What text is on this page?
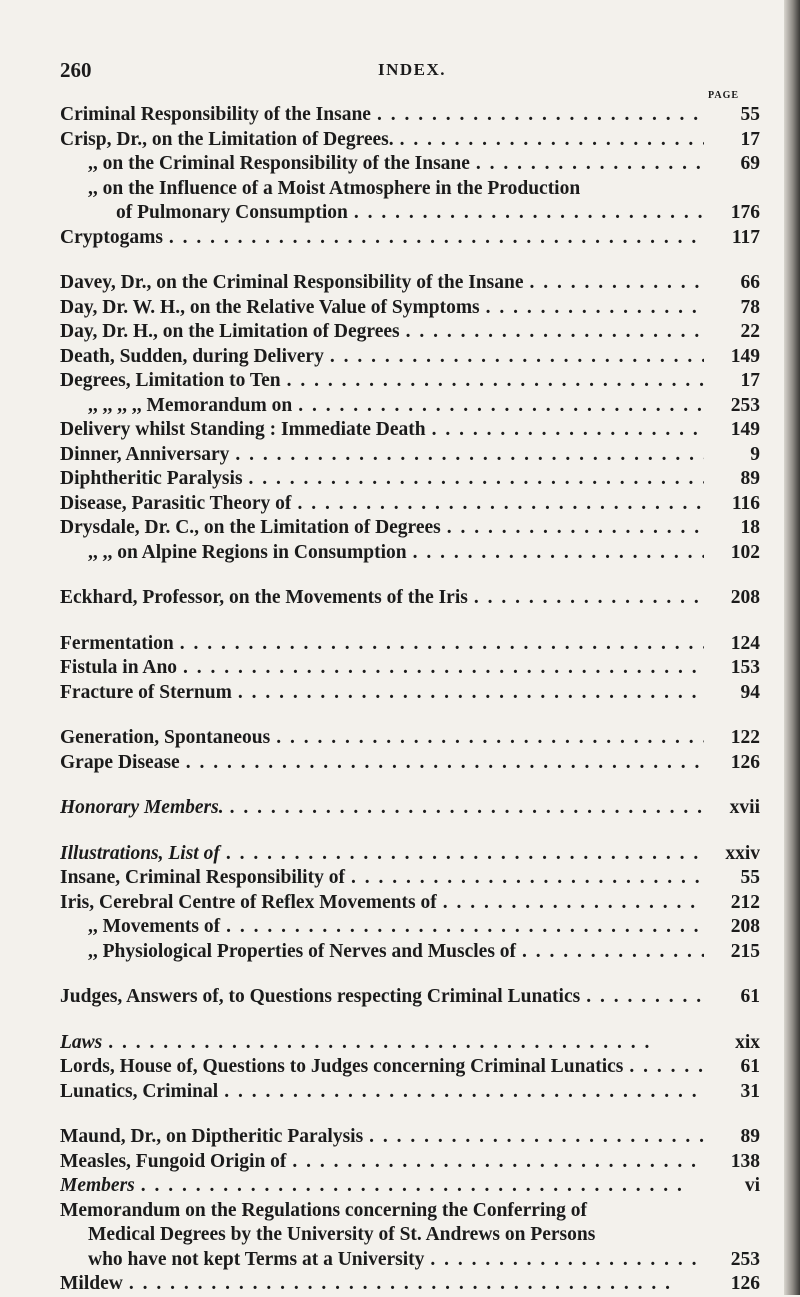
260	INDEX.
PAGE
Criminal Responsibility of the Insane . . .	55
Crisp, Dr., on the Limitation of Degrees. . . .	17
,, on the Criminal Responsibility of the Insane . . .	69
,, on the Influence of a Moist Atmosphere in the Production
of Pulmonary Consumption . . .	176
Cryptogams . . .	117
Davey, Dr., on the Criminal Responsibility of the Insane . . .	66
Day, Dr. W. H., on the Relative Value of Symptoms . . .	78
Day, Dr. H., on the Limitation of Degrees . . .	22
Death, Sudden, during Delivery . . .	149
Degrees, Limitation to Ten . . .	17
,, ,, ,, ,, Memorandum on . . .	253
Delivery whilst Standing : Immediate Death . . .	149
Dinner, Anniversary . . .	9
Diphtheritic Paralysis . . .	89
Disease, Parasitic Theory of . . .	116
Drysdale, Dr. C., on the Limitation of Degrees . . .	18
,, ,, on Alpine Regions in Consumption . . .	102
Eckhard, Professor, on the Movements of the Iris . . .	208
Fermentation . . .	124
Fistula in Ano . . .	153
Fracture of Sternum . . .	94
Generation, Spontaneous . . .	122
Grape Disease . . .	126
Honorary Members. . . .	xvii
Illustrations, List of . . .	xxiv
Insane, Criminal Responsibility of . . .	55
Iris, Cerebral Centre of Reflex Movements of . . .	212
,, Movements of . . .	208
,, Physiological Properties of Nerves and Muscles of . . .	215
Judges, Answers of, to Questions respecting Criminal Lunatics . . .	61
Laws . . .	xix
Lords, House of, Questions to Judges concerning Criminal Lunatics . . .	61
Lunatics, Criminal . . .	31
Maund, Dr., on Diptheritic Paralysis . . .	89
Measles, Fungoid Origin of . . .	138
Members . . .	vi
Memorandum on the Regulations concerning the Conferring of
Medical Degrees by the University of St. Andrews on Persons
who have not kept Terms at a University . . .	253
Mildew . . .	126
